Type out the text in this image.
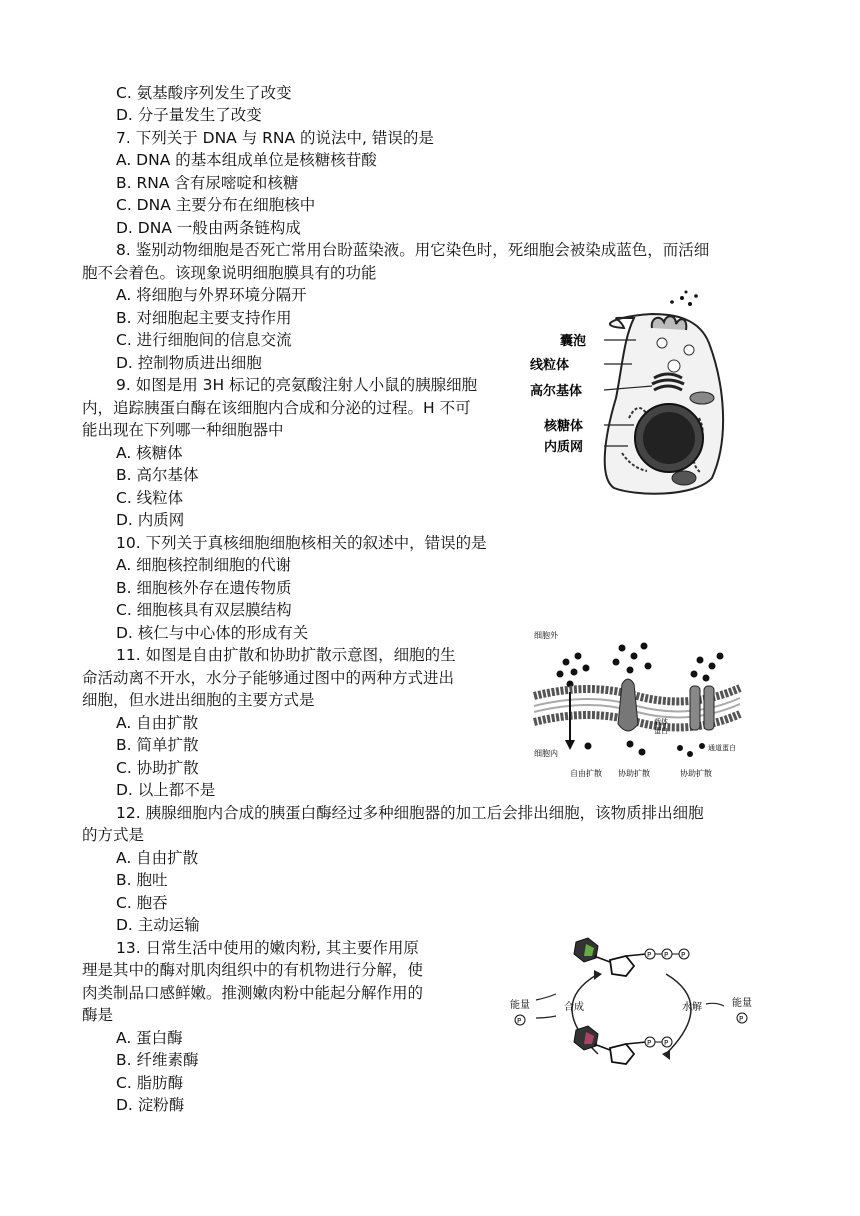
C. 氨基酸序列发生了改变
D. 分子量发生了改变
7. 下列关于 DNA 与 RNA 的说法中, 错误的是
A. DNA 的基本组成单位是核糖核苷酸
B. RNA 含有尿嘧啶和核糖
C. DNA 主要分布在细胞核中
D. DNA 一般由两条链构成
8. 鉴别动物细胞是否死亡常用台盼蓝染液。用它染色时，死细胞会被染成蓝色，而活细
胞不会着色。该现象说明细胞膜具有的功能
A. 将细胞与外界环境分隔开
B. 对细胞起主要支持作用
C. 进行细胞间的信息交流
D. 控制物质进出细胞
9. 如图是用 3H 标记的亮氨酸注射人小鼠的胰腺细胞
内，追踪胰蛋白酶在该细胞内合成和分泌的过程。H 不可
能出现在下列哪一种细胞器中
A. 核糖体
B. 高尔基体
C. 线粒体
D. 内质网
10. 下列关于真核细胞细胞核相关的叙述中，错误的是
A. 细胞核控制细胞的代谢
B. 细胞核外存在遗传物质
C. 细胞核具有双层膜结构
D. 核仁与中心体的形成有关
11. 如图是自由扩散和协助扩散示意图，细胞的生
命活动离不开水，水分子能够通过图中的两种方式进出
细胞，但水进出细胞的主要方式是
A. 自由扩散
B. 简单扩散
C. 协助扩散
D. 以上都不是
12. 胰腺细胞内合成的胰蛋白酶经过多种细胞器的加工后会排出细胞，该物质排出细胞
的方式是
A. 自由扩散
B. 胞吐
C. 胞吞
D. 主动运输
13. 日常生活中使用的嫩肉粉, 其主要作用原
理是其中的酶对肌肉组织中的有机物进行分解，使
肉类制品口感鲜嫩。推测嫩肉粉中能起分解作用的
酶是
A. 蛋白酶
B. 纤维素酶
C. 脂肪酶
D. 淀粉酶
囊泡
线粒体
高尔基体
核糖体
内质网
细胞外
细胞内
载体
蛋白
通道蛋白
自由扩散 协助扩散	协助扩散
P P P
能量
P
合成	水解	能量
P
P P
